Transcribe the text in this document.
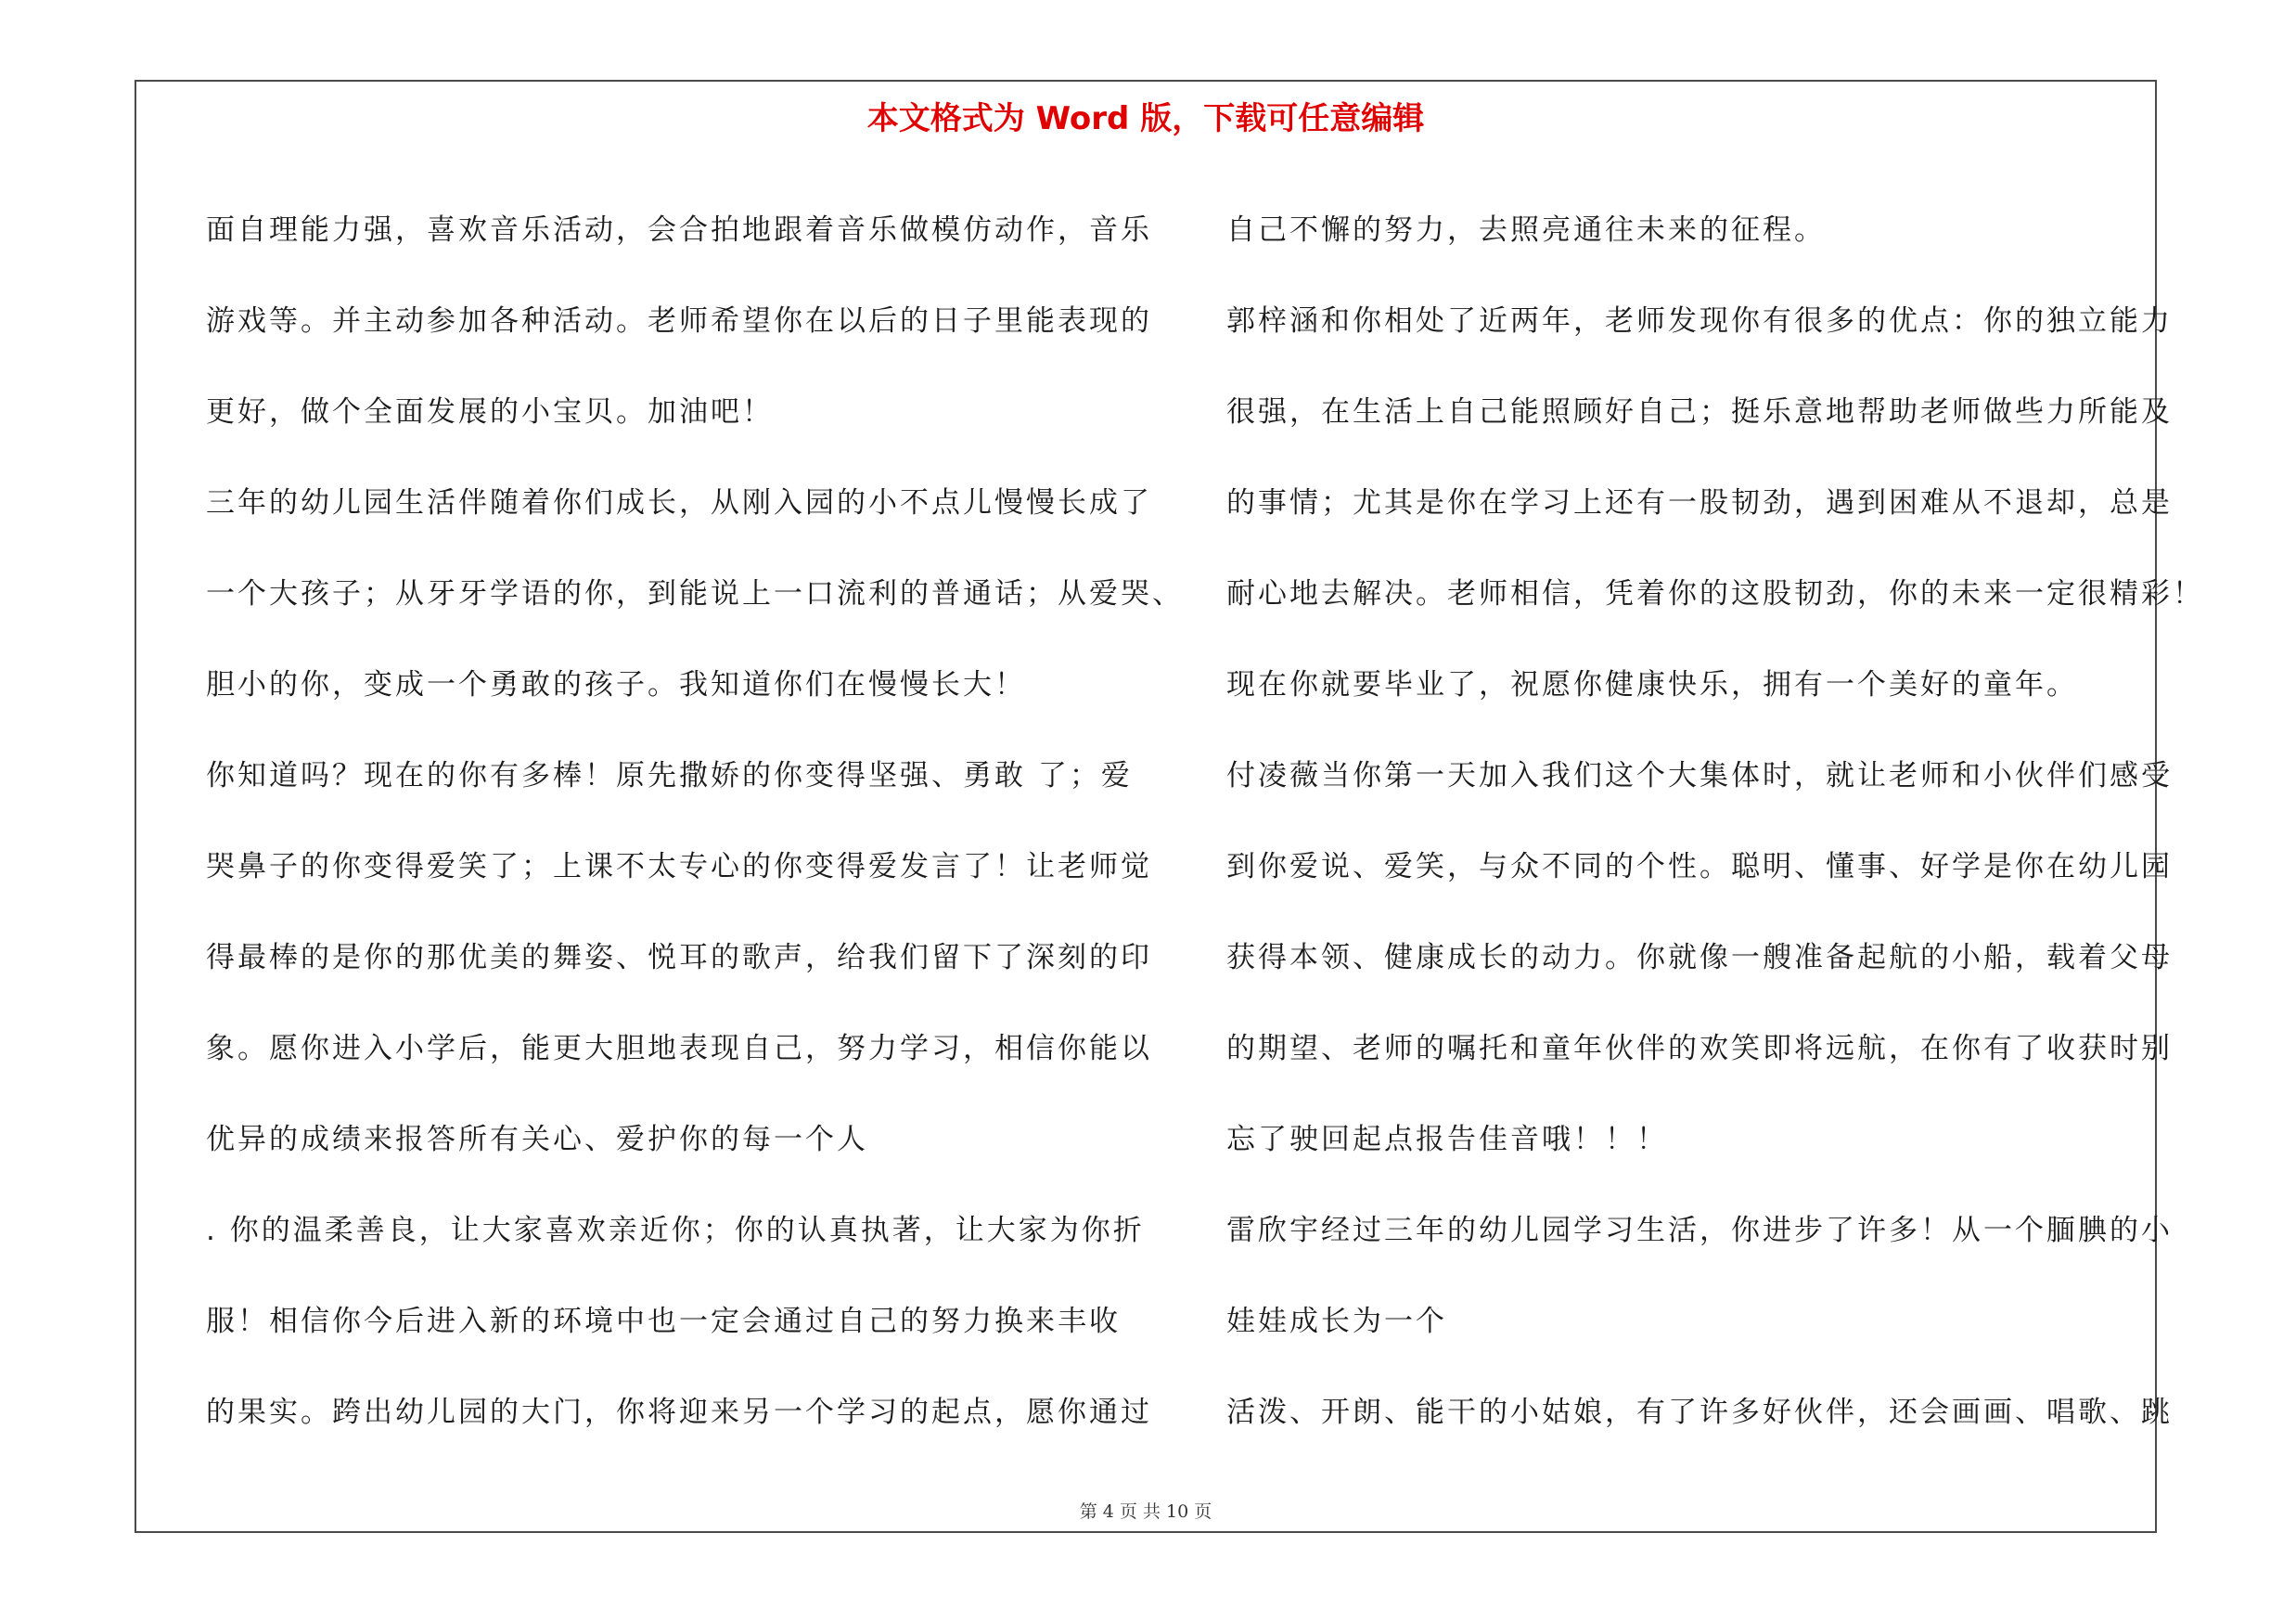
本文格式为 Word 版，下载可任意编辑
面自理能力强，喜欢音乐活动，会合拍地跟着音乐做模仿动作，音乐
游戏等。并主动参加各种活动。老师希望你在以后的日子里能表现的
更好，做个全面发展的小宝贝。加油吧！
三年的幼儿园生活伴随着你们成长，从刚入园的小不点儿慢慢长成了
一个大孩子；从牙牙学语的你，到能说上一口流利的普通话；从爱哭、
胆小的你，变成一个勇敢的孩子。我知道你们在慢慢长大！
你知道吗？现在的你有多棒！原先撒娇的你变得坚强、勇敢 了；爱
哭鼻子的你变得爱笑了；上课不太专心的你变得爱发言了！让老师觉
得最棒的是你的那优美的舞姿、悦耳的歌声，给我们留下了深刻的印
象。愿你进入小学后，能更大胆地表现自己，努力学习，相信你能以
优异的成绩来报答所有关心、爱护你的每一个人
. 你的温柔善良，让大家喜欢亲近你；你的认真执著，让大家为你折
服！相信你今后进入新的环境中也一定会通过自己的努力换来丰收
的果实。跨出幼儿园的大门，你将迎来另一个学习的起点，愿你通过
自己不懈的努力，去照亮通往未来的征程。
郭梓涵和你相处了近两年，老师发现你有很多的优点：你的独立能力
很强，在生活上自己能照顾好自己；挺乐意地帮助老师做些力所能及
的事情；尤其是你在学习上还有一股韧劲，遇到困难从不退却，总是
耐心地去解决。老师相信，凭着你的这股韧劲，你的未来一定很精彩！
现在你就要毕业了，祝愿你健康快乐，拥有一个美好的童年。
付凌薇当你第一天加入我们这个大集体时，就让老师和小伙伴们感受
到你爱说、爱笑，与众不同的个性。聪明、懂事、好学是你在幼儿园
获得本领、健康成长的动力。你就像一艘准备起航的小船，载着父母
的期望、老师的嘱托和童年伙伴的欢笑即将远航，在你有了收获时别
忘了驶回起点报告佳音哦！！！
雷欣宇经过三年的幼儿园学习生活，你进步了许多！从一个腼腆的小
娃娃成长为一个
活泼、开朗、能干的小姑娘，有了许多好伙伴，还会画画、唱歌、跳
第 4 页 共 10 页
